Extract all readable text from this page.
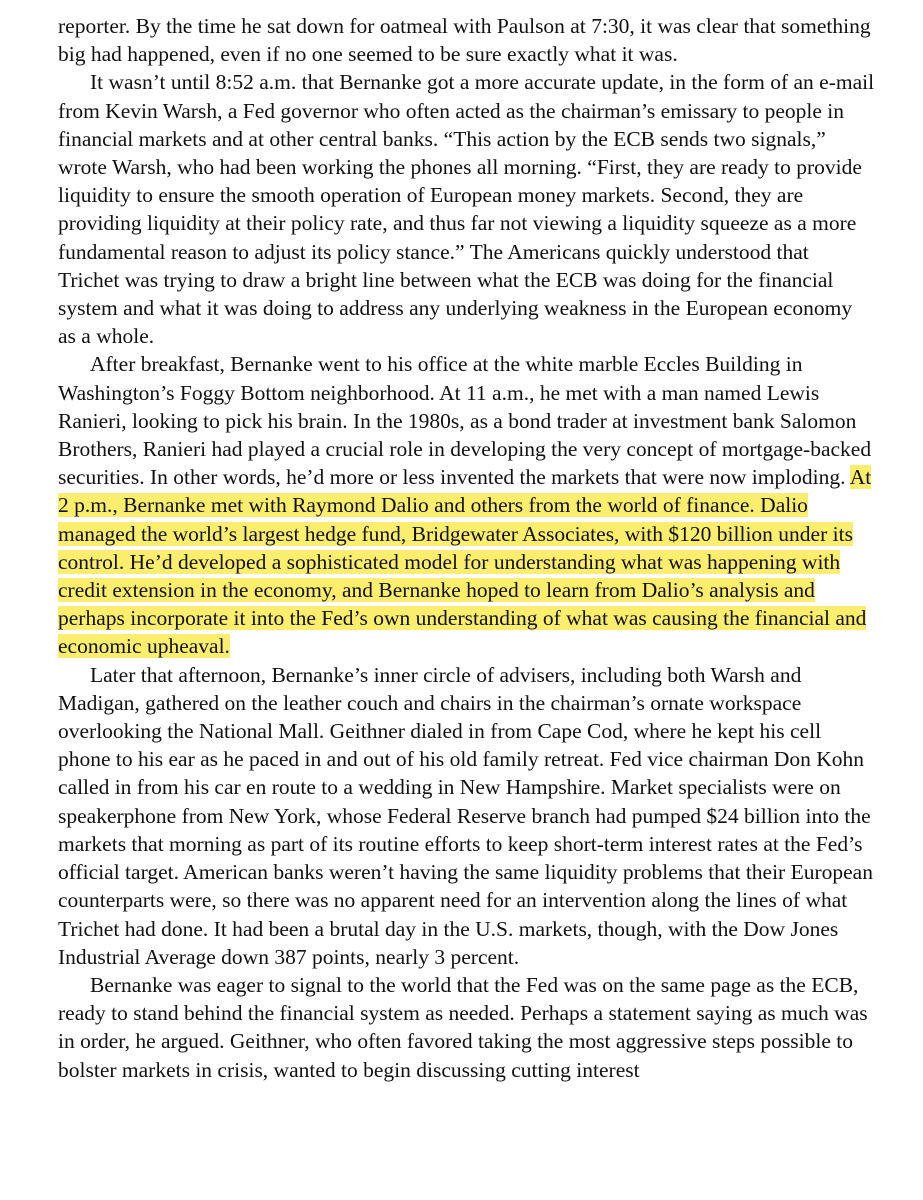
reporter. By the time he sat down for oatmeal with Paulson at 7:30, it was clear that something big had happened, even if no one seemed to be sure exactly what it was.

It wasn’t until 8:52 a.m. that Bernanke got a more accurate update, in the form of an e-mail from Kevin Warsh, a Fed governor who often acted as the chairman’s emissary to people in financial markets and at other central banks. “This action by the ECB sends two signals,” wrote Warsh, who had been working the phones all morning. “First, they are ready to provide liquidity to ensure the smooth operation of European money markets. Second, they are providing liquidity at their policy rate, and thus far not viewing a liquidity squeeze as a more fundamental reason to adjust its policy stance.” The Americans quickly understood that Trichet was trying to draw a bright line between what the ECB was doing for the financial system and what it was doing to address any underlying weakness in the European economy as a whole.

After breakfast, Bernanke went to his office at the white marble Eccles Building in Washington’s Foggy Bottom neighborhood. At 11 a.m., he met with a man named Lewis Ranieri, looking to pick his brain. In the 1980s, as a bond trader at investment bank Salomon Brothers, Ranieri had played a crucial role in developing the very concept of mortgage-backed securities. In other words, he’d more or less invented the markets that were now imploding. At 2 p.m., Bernanke met with Raymond Dalio and others from the world of finance. Dalio managed the world’s largest hedge fund, Bridgewater Associates, with $120 billion under its control. He’d developed a sophisticated model for understanding what was happening with credit extension in the economy, and Bernanke hoped to learn from Dalio’s analysis and perhaps incorporate it into the Fed’s own understanding of what was causing the financial and economic upheaval.

Later that afternoon, Bernanke’s inner circle of advisers, including both Warsh and Madigan, gathered on the leather couch and chairs in the chairman’s ornate workspace overlooking the National Mall. Geithner dialed in from Cape Cod, where he kept his cell phone to his ear as he paced in and out of his old family retreat. Fed vice chairman Don Kohn called in from his car en route to a wedding in New Hampshire. Market specialists were on speakerphone from New York, whose Federal Reserve branch had pumped $24 billion into the markets that morning as part of its routine efforts to keep short-term interest rates at the Fed’s official target. American banks weren’t having the same liquidity problems that their European counterparts were, so there was no apparent need for an intervention along the lines of what Trichet had done. It had been a brutal day in the U.S. markets, though, with the Dow Jones Industrial Average down 387 points, nearly 3 percent.

Bernanke was eager to signal to the world that the Fed was on the same page as the ECB, ready to stand behind the financial system as needed. Perhaps a statement saying as much was in order, he argued. Geithner, who often favored taking the most aggressive steps possible to bolster markets in crisis, wanted to begin discussing cutting interest
